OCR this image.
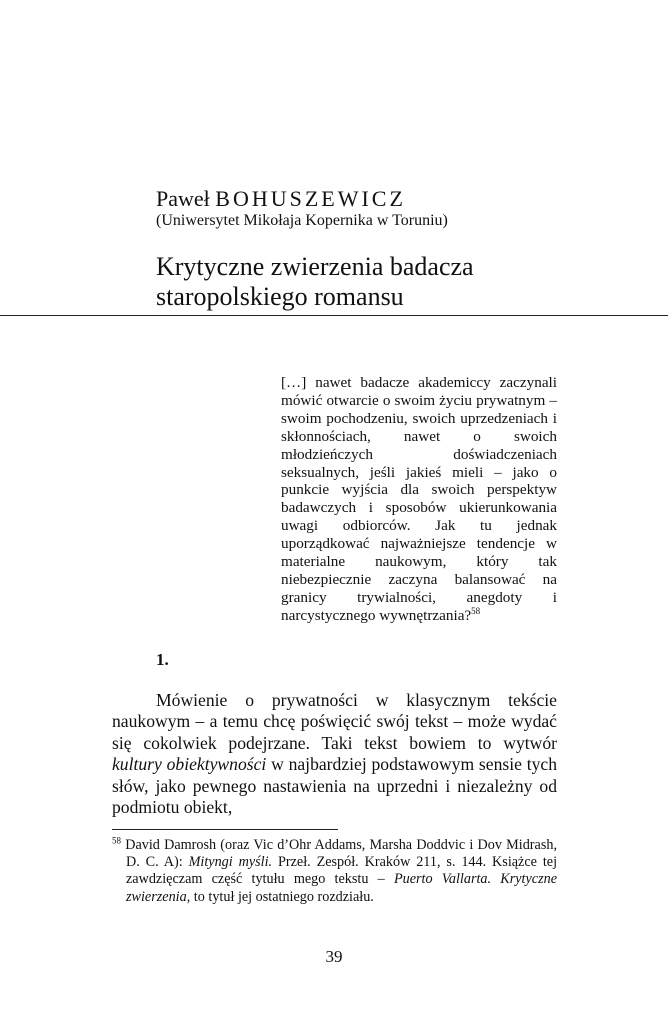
Paweł BOHUSZEWICZ
(Uniwersytet Mikołaja Kopernika w Toruniu)
Krytyczne zwierzenia badacza
staropolskiego romansu
[…] nawet badacze akademiccy zaczynali mówić otwarcie o swoim życiu prywatnym – swoim pochodzeniu, swoich uprzedzeniach i skłonnościach, nawet o swoich młodzieńczych doświadczeniach seksualnych, jeśli jakieś mieli – jako o punkcie wyjścia dla swoich perspektyw badawczych i sposobów ukierunkowania uwagi odbiorców. Jak tu jednak uporządkować najważniejsze tendencje w materialne naukowym, który tak niebezpiecznie zaczyna balansować na granicy trywialności, anegdoty i narcystycznego wywnętrzania?$^{58}$
1.
Mówienie o prywatności w klasycznym tekście naukowym – a temu chcę poświęcić swój tekst – może wydać się cokolwiek podejrzane. Taki tekst bowiem to wytwór kultury obiektywności w najbardziej podstawowym sensie tych słów, jako pewnego nastawienia na uprzedni i niezależny od podmiotu obiekt,
$^{58}$ David Damrosh (oraz Vic d’Ohr Addams, Marsha Doddvic i Dov Midrash, D. C. A): Mityngi myśli. Przeł. Zespół. Kraków 211, s. 144. Książce tej zawdzięczam część tytułu mego tekstu – Puerto Vallarta. Krytyczne zwierzenia, to tytuł jej ostatniego rozdziału.
39
